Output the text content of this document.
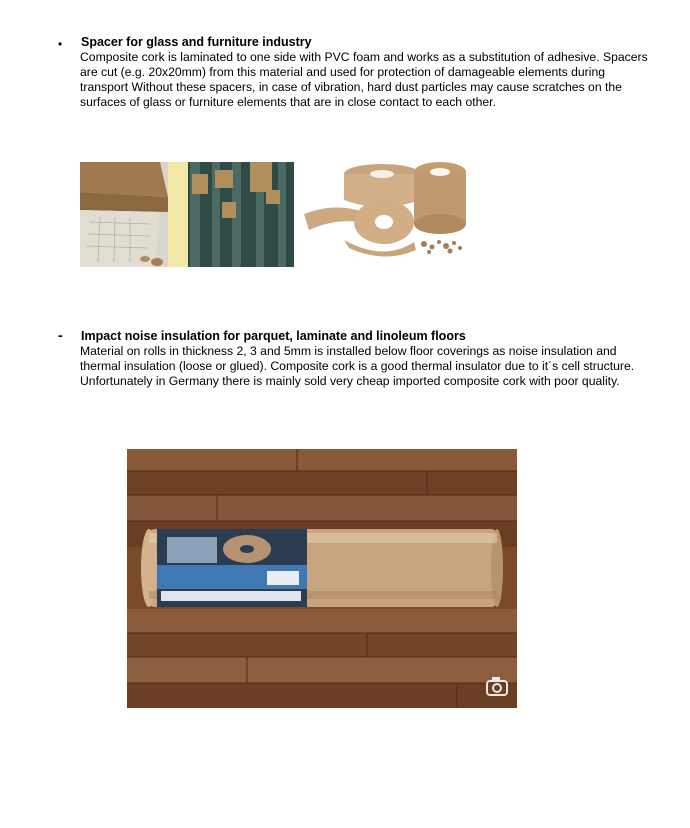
• Spacer for glass and furniture industry
Composite cork is laminated to one side with PVC foam and works as a substitution of adhesive. Spacers are cut (e.g. 20x20mm) from this material and used for protection of damageable elements during transport Without these spacers, in case of vibration, hard dust particles may cause scratches on the surfaces of glass or furniture elements that are in close contact to each other.
- Impact noise insulation for parquet, laminate and linoleum floors
Material on rolls in thickness 2, 3 and 5mm is installed below floor coverings as noise insulation and thermal insulation (loose or glued). Composite cork is a good thermal insulator due to it´s cell structure. Unfortunately in Germany there is mainly sold very cheap imported composite cork with poor quality.
